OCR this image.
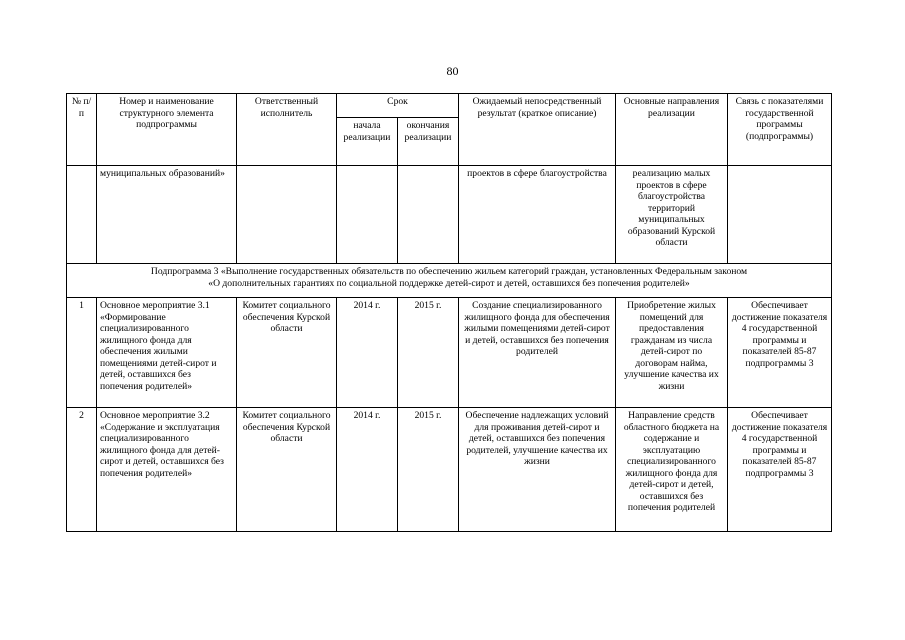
80
№ п/п	Номер и наименование структурного элемента подпрограммы	Ответственный исполнитель	Срок		Ожидаемый непосредственный результат (краткое описание)	Основные направления реализации	Связь с показателями государственной программы (подпрограммы)
			начала реализации	окончания реализации			
	муниципальных образований»				проектов в сфере благоустройства	реализацию малых проектов в сфере благоустройства территорий муниципальных образований Курской области	

Подпрограмма 3 «Выполнение государственных обязательств по обеспечению жильем категорий граждан, установленных Федеральным законом
«О дополнительных гарантиях по социальной поддержке детей-сирот и детей, оставшихся без попечения родителей»							

1	Основное мероприятие 3.1 «Формирование специализированного жилищного фонда для обеспечения жилыми помещениями детей-сирот и детей, оставшихся без попечения родителей»	Комитет социального обеспечения Курской области	2014 г.	2015 г.	Создание специализированного жилищного фонда для обеспечения жилыми помещениями детей-сирот и детей, оставшихся без попечения родителей	Приобретение жилых помещений для предоставления гражданам из числа детей-сирот по договорам найма, улучшение качества их жизни	Обеспечивает достижение показателя 4 государственной программы и показателей 85-87 подпрограммы 3
2	Основное мероприятие 3.2 «Содержание и эксплуатация специализированного жилищного фонда для детей-сирот и детей, оставшихся без попечения родителей»	Комитет социального обеспечения Курской области	2014 г.	2015 г.	Обеспечение надлежащих условий для проживания детей-сирот и детей, оставшихся без попечения родителей, улучшение качества их жизни	Направление средств областного бюджета на содержание и эксплуатацию специализированного жилищного фонда для детей-сирот и детей, оставшихся без попечения родителей	Обеспечивает достижение показателя 4 государственной программы и показателей 85-87 подпрограммы 3
